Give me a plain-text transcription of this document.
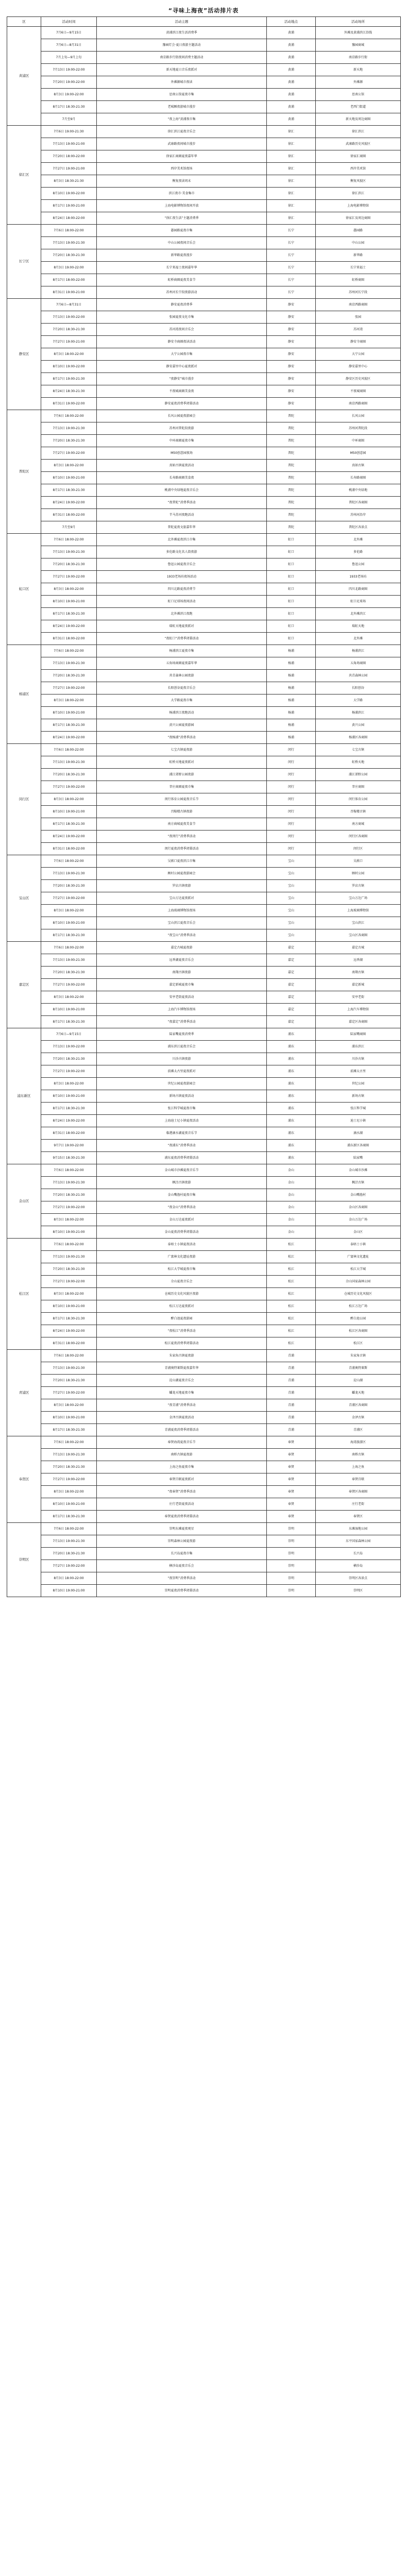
“寻味上海夜”活动排片表
区	活动时间	活动主题	活动地点	活动场所
黄浦区	7月6日—9月15日	黄浦滨江夜生活消费季	黄浦	外滩及黄浦滨江沿线
	7月6日—8月31日	豫园灯会·夏日夜游主题活动	黄浦	豫园商城
	7月上旬—9月上旬	南京路步行街夜间消费主题活动	黄浦	南京路步行街
	7月13日 19:00-22:00	新天地夏日音乐夜派对	黄浦	新天地
	7月20日 19:00-22:00	外滩源城市夜读	黄浦	外滩源
	8月3日 19:00-22:00	思南公馆夏夜市集	黄浦	思南公馆
	8月17日 18:30-21:30	老城厢夜游城市漫步	黄浦	老西门街道
	7月至9月	“夜上海”黄浦夜市集	黄浦	新天地及周边商圈
徐汇区	7月6日 19:00-21:30	徐汇滨江夏夜音乐会	徐汇	徐汇滨江
	7月13日 19:00-21:00	武康路夜间城市漫步	徐汇	武康路历史风貌区
	7月20日 18:00-22:00	徐家汇商圈夏夜嘉年华	徐汇	徐家汇商圈
	7月27日 19:00-21:00	西岸美术馆夜场	徐汇	西岸美术馆
	8月3日 18:30-21:30	衡复夜读周末	徐汇	衡复风貌区
	8月10日 19:00-22:00	滨江夜市·美食集市	徐汇	徐汇滨江
	8月17日 19:00-21:00	上海电影博物馆夜间开放	徐汇	上海电影博物馆
	8月24日 18:00-22:00	“徐汇夜生活”主题消费季	徐汇	徐家汇及周边商圈
长宁区	7月6日 18:00-22:00	愚园路夏夜市集	长宁	愚园路
	7月13日 19:00-21:30	中山公园夜间音乐会	长宁	中山公园
	7月20日 18:30-21:30	新华路夏夜漫步	长宁	新华路
	8月3日 19:00-22:00	长宁来福士夜间嘉年华	长宁	长宁来福士
	8月17日 18:00-22:00	虹桥商圈夏夜美食节	长宁	虹桥商圈
	8月31日 19:00-21:00	苏州河长宁段夜游活动	长宁	苏州河长宁段
静安区	7月6日—8月31日	静安夏夜消费季	静安	南京西路商圈
	7月13日 19:00-22:00	张园夏夜文化市集	静安	张园
	7月20日 18:30-21:30	苏河湾夜间音乐会	静安	苏河湾
	7月27日 19:00-21:00	静安寺商圈夜读活动	静安	静安寺商圈
	8月3日 18:00-22:00	大宁公园夜市集	静安	大宁公园
	8月10日 19:00-22:00	静安嘉里中心夏夜派对	静安	静安嘉里中心
	8月17日 19:00-21:30	“夜静安”城市漫步	静安	静安区历史风貌区
	8月24日 18:30-21:30	不夜城商圈美食夜	静安	不夜城商圈
	8月31日 19:00-22:00	静安夏夜消费季闭幕活动	静安	南京西路商圈
普陀区	7月6日 18:00-22:00	长风公园夏夜游园会	普陀	长风公园
	7月13日 19:00-21:30	苏州河普陀段夜游	普陀	苏州河普陀段
	7月20日 18:30-21:30	中环商圈夏夜市集	普陀	中环商圈
	7月27日 19:00-22:00	M50创意园夜场	普陀	M50创意园
	8月3日 18:00-22:00	真如古镇夏夜活动	普陀	真如古镇
	8月10日 19:00-21:00	长寿路商圈美食夜	普陀	长寿路商圈
	8月17日 18:30-21:30	桃浦中央绿地夏夜音乐会	普陀	桃浦中央绿地
	8月24日 19:00-22:00	“夜普陀”消费季活动	普陀	普陀区各商圈
	8月31日 18:00-22:00	半马苏河夜跑活动	普陀	苏州河沿岸
	7月至9月	普陀夏夜文旅嘉年华	普陀	普陀区各景点
虹口区	7月6日 18:00-22:00	北外滩夏夜滨江市集	虹口	北外滩
	7月13日 19:00-21:30	多伦路文化名人街夜游	虹口	多伦路
	7月20日 18:30-21:30	鲁迅公园夏夜音乐会	虹口	鲁迅公园
	7月27日 19:00-22:00	1933老场坊夜场活动	虹口	1933老场坊
	8月3日 18:00-22:00	四川北路夏夜消费节	虹口	四川北路商圈
	8月10日 19:00-21:00	虹口足球场夜间活动	虹口	虹口足球场
	8月17日 18:30-21:30	北外滩滨江夜跑	虹口	北外滩滨江
	8月24日 19:00-22:00	瑞虹天地夏夜派对	虹口	瑞虹天地
	8月31日 18:00-22:00	“夜虹口”消费季闭幕活动	虹口	北外滩
杨浦区	7月6日 18:00-22:00	杨浦滨江夏夜市集	杨浦	杨浦滨江
	7月13日 19:00-21:30	五角场商圈夏夜嘉年华	杨浦	五角场商圈
	7月20日 18:30-21:30	共青森林公园夜游	杨浦	共青森林公园
	7月27日 19:00-22:00	长阳创谷夏夜音乐会	杨浦	长阳创谷
	8月3日 18:00-22:00	大学路夏夜市集	杨浦	大学路
	8月10日 19:00-21:00	杨浦滨江夜跑活动	杨浦	杨浦滨江
	8月17日 18:30-21:30	黄兴公园夏夜游园	杨浦	黄兴公园
	8月24日 19:00-22:00	“夜杨浦”消费季活动	杨浦	杨浦区各商圈
闵行区	7月6日 18:00-22:00	七宝古镇夏夜游	闵行	七宝古镇
	7月13日 19:00-21:30	虹桥天地夏夜派对	闵行	虹桥天地
	7月20日 18:30-21:30	浦江郊野公园夜游	闵行	浦江郊野公园
	7月27日 19:00-22:00	莘庄商圈夏夜市集	闵行	莘庄商圈
	8月3日 18:00-22:00	闵行体育公园夏夜音乐节	闵行	闵行体育公园
	8月10日 19:00-21:00	召稼楼古镇夜游	闵行	召稼楼古镇
	8月17日 18:30-21:30	南方商城夏夜美食节	闵行	南方商城
	8月24日 19:00-22:00	“夜闵行”消费季活动	闵行	闵行区各商圈
	8月31日 18:00-22:00	闵行夏夜消费季闭幕活动	闵行	闵行区
宝山区	7月6日 18:00-22:00	吴淞口夏夜滨江市集	宝山	吴淞口
	7月13日 19:00-21:30	顾村公园夏夜游园会	宝山	顾村公园
	7月20日 18:30-21:30	罗店古镇夜游	宝山	罗店古镇
	7月27日 19:00-22:00	宝山万达夏夜派对	宝山	宝山万达广场
	8月3日 18:00-22:00	上海玻璃博物馆夜场	宝山	上海玻璃博物馆
	8月10日 19:00-21:00	宝山滨江夏夜音乐会	宝山	宝山滨江
	8月17日 18:30-21:30	“夜宝山”消费季活动	宝山	宝山区各商圈
嘉定区	7月6日 18:00-22:00	嘉定古城夏夜游	嘉定	嘉定古城
	7月13日 19:00-21:30	远香湖夏夜音乐会	嘉定	远香湖
	7月20日 18:30-21:30	南翔古镇夜游	嘉定	南翔古镇
	7月27日 19:00-22:00	嘉定新城夏夜市集	嘉定	嘉定新城
	8月3日 18:00-22:00	安亭老街夏夜活动	嘉定	安亭老街
	8月10日 19:00-21:00	上海汽车博物馆夜场	嘉定	上海汽车博物馆
	8月17日 18:30-21:30	“夜嘉定”消费季活动	嘉定	嘉定区各商圈
浦东新区	7月6日—9月15日	陆家嘴夏夜消费季	浦东	陆家嘴商圈
	7月13日 19:00-22:00	浦东滨江夏夜音乐会	浦东	浦东滨江
	7月20日 18:30-21:30	川沙古镇夜游	浦东	川沙古镇
	7月27日 19:00-22:00	前滩太古里夏夜派对	浦东	前滩太古里
	8月3日 18:00-22:00	世纪公园夏夜游园会	浦东	世纪公园
	8月10日 19:00-21:00	新场古镇夏夜活动	浦东	新场古镇
	8月17日 18:30-21:30	张江科学城夏夜市集	浦东	张江科学城
	8月24日 19:00-22:00	上海迪士尼小镇夏夜活动	浦东	迪士尼小镇
	8月31日 18:00-22:00	临港滴水湖夏夜音乐节	浦东	滴水湖
	9月7日 19:00-22:00	“夜浦东”消费季活动	浦东	浦东新区各商圈
	9月15日 18:30-21:30	浦东夏夜消费季闭幕活动	浦东	陆家嘴
金山区	7月6日 18:00-22:00	金山城市沙滩夏夜音乐节	金山	金山城市沙滩
	7月13日 19:00-21:30	枫泾古镇夜游	金山	枫泾古镇
	7月20日 18:30-21:30	金山嘴渔村夏夜市集	金山	金山嘴渔村
	7月27日 19:00-22:00	“夜金山”消费季活动	金山	金山区各商圈
	8月3日 18:00-22:00	金山万达夏夜派对	金山	金山万达广场
	8月10日 19:00-21:00	金山夏夜消费季闭幕活动	金山	金山区
松江区	7月6日 18:00-22:00	泰晤士小镇夏夜活动	松江	泰晤士小镇
	7月13日 19:00-21:30	广富林文化遗址夜游	松江	广富林文化遗址
	7月20日 18:30-21:30	松江大学城夏夜市集	松江	松江大学城
	7月27日 19:00-22:00	佘山夏夜音乐会	松江	佘山国家森林公园
	8月3日 18:00-22:00	仓城历史文化风貌区夜游	松江	仓城历史文化风貌区
	8月10日 19:00-21:00	松江万达夏夜派对	松江	松江万达广场
	8月17日 18:30-21:30	醉白池夏夜游园	松江	醉白池公园
	8月24日 19:00-22:00	“夜松江”消费季活动	松江	松江区各商圈
	8月31日 18:00-22:00	松江夏夜消费季闭幕活动	松江	松江区
青浦区	7月6日 18:00-22:00	朱家角古镇夏夜游	青浦	朱家角古镇
	7月13日 19:00-21:30	青浦奥特莱斯夏夜嘉年华	青浦	青浦奥特莱斯
	7月20日 18:30-21:30	淀山湖夏夜音乐会	青浦	淀山湖
	7月27日 19:00-22:00	蟠龙天地夏夜市集	青浦	蟠龙天地
	8月3日 18:00-22:00	“夜青浦”消费季活动	青浦	青浦区各商圈
	8月10日 19:00-21:00	金泽古镇夏夜活动	青浦	金泽古镇
	8月17日 18:30-21:30	青浦夏夜消费季闭幕活动	青浦	青浦区
奉贤区	7月6日 18:00-22:00	奉贤海湾夏夜音乐节	奉贤	海湾旅游区
	7月13日 19:00-21:30	南桥古镇夏夜游	奉贤	南桥古镇
	7月20日 18:30-21:30	上海之鱼夏夜市集	奉贤	上海之鱼
	7月27日 19:00-22:00	奉贤百联夏夜派对	奉贤	奉贤百联
	8月3日 18:00-22:00	“夜奉贤”消费季活动	奉贤	奉贤区各商圈
	8月10日 19:00-21:00	庄行老街夏夜活动	奉贤	庄行老街
	8月17日 18:30-21:30	奉贤夏夜消费季闭幕活动	奉贤	奉贤区
崇明区	7月6日 18:00-22:00	崇明东滩夏夜观星	崇明	东滩湿地公园
	7月13日 19:00-21:30	崇明森林公园夏夜游	崇明	东平国家森林公园
	7月20日 18:30-21:30	长兴岛夏夜市集	崇明	长兴岛
	7月27日 19:00-22:00	横沙岛夏夜音乐会	崇明	横沙岛
	8月3日 18:00-22:00	“夜崇明”消费季活动	崇明	崇明区各景点
	8月10日 19:00-21:00	崇明夏夜消费季闭幕活动	崇明	崇明区
